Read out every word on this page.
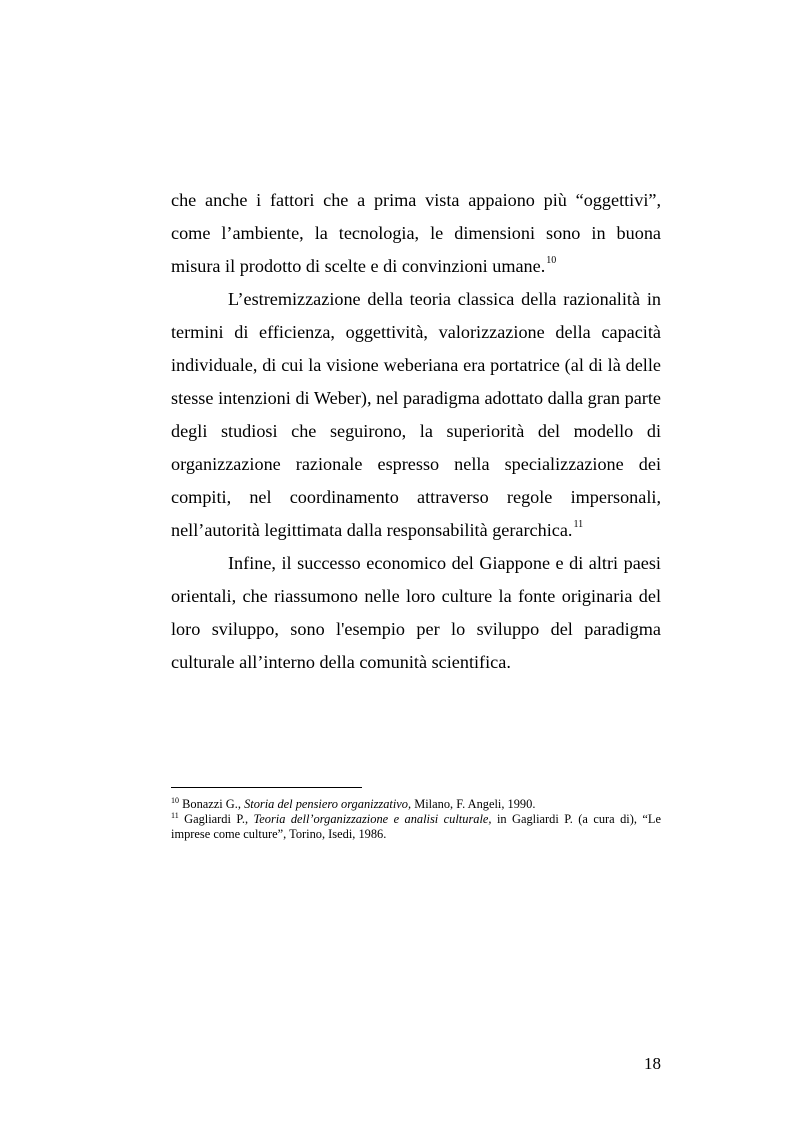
che anche i fattori che a prima vista appaiono più “oggettivi”, come l’ambiente, la tecnologia, le dimensioni sono in buona misura il prodotto di scelte e di convinzioni umane.$^{10}$

L’estremizzazione della teoria classica della razionalità in termini di efficienza, oggettività, valorizzazione della capacità individuale, di cui la visione weberiana era portatrice (al di là delle stesse intenzioni di Weber), nel paradigma adottato dalla gran parte degli studiosi che seguirono, la superiorità del modello di organizzazione razionale espresso nella specializzazione dei compiti, nel coordinamento attraverso regole impersonali, nell’autorità legittimata dalla responsabilità gerarchica.$^{11}$

Infine, il successo economico del Giappone e di altri paesi orientali, che riassumono nelle loro culture la fonte originaria del loro sviluppo, sono l'esempio per lo sviluppo del paradigma culturale all’interno della comunità scientifica.

$^{10}$ Bonazzi G., Storia del pensiero organizzativo, Milano, F. Angeli, 1990.

$^{11}$ Gagliardi P., Teoria dell’organizzazione e analisi culturale, in Gagliardi P. (a cura di), “Le imprese come culture”, Torino, Isedi, 1986.

18
